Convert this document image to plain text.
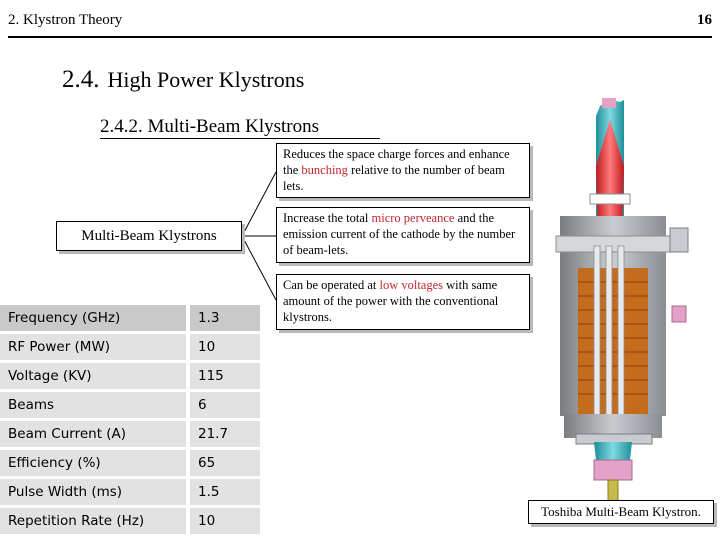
2. Klystron Theory	16
2.4. High Power Klystrons
2.4.2. Multi-Beam Klystrons
Multi-Beam Klystrons
Reduces the space charge forces and enhance the bunching relative to the number of beam lets.
Increase the total micro perveance and the emission current of the cathode by the number of beam-lets.
Can be operated at low voltages with same amount of the power with the conventional klystrons.
Frequency (GHz)	1.3
RF Power (MW)	10
Voltage (KV)	115
Beams	6
Beam Current (A)	21.7
Efficiency (%)	65
Pulse Width (ms)	1.5
Repetition Rate (Hz)	10
Toshiba Multi-Beam Klystron.
